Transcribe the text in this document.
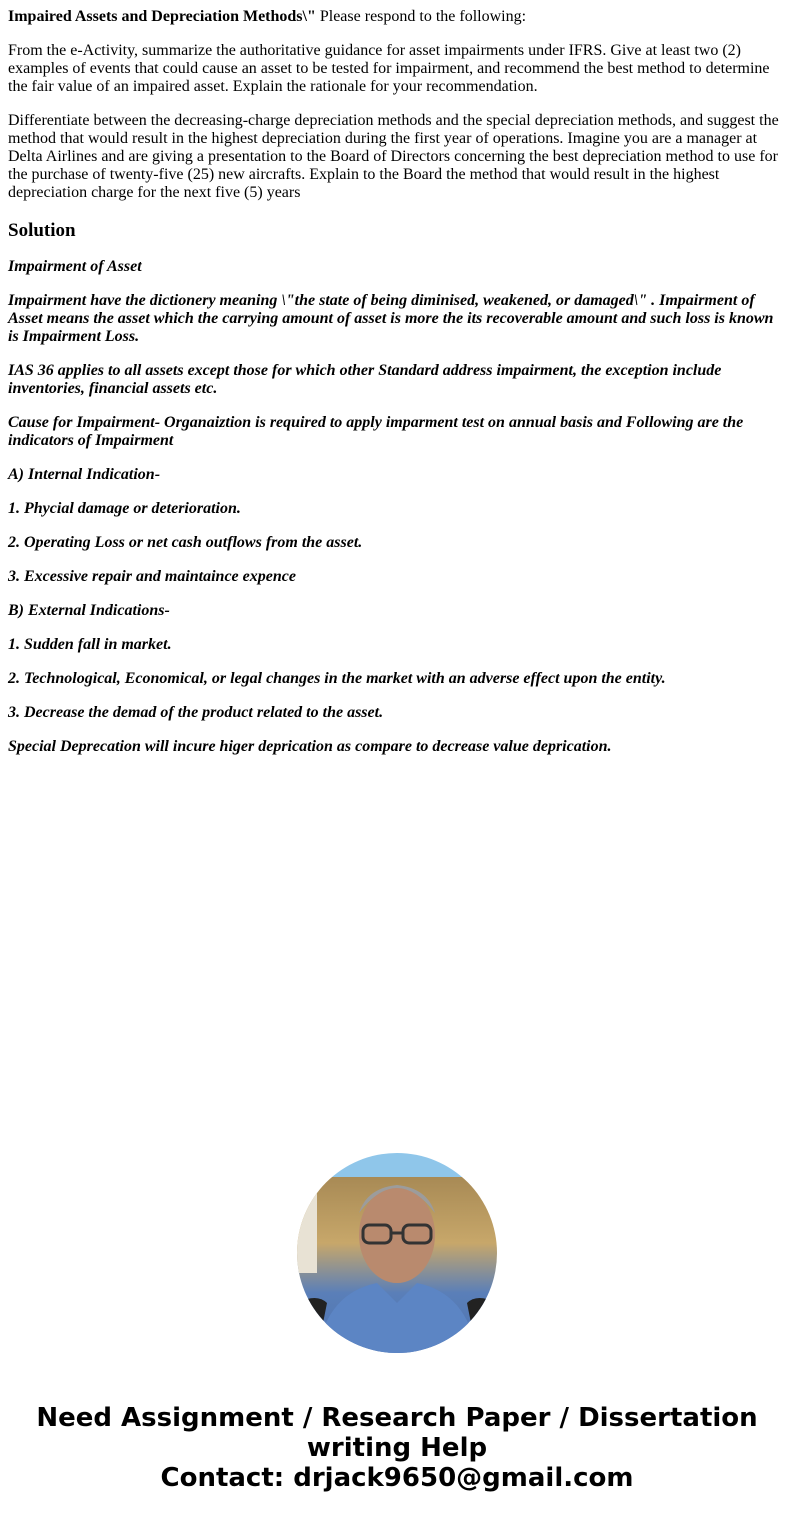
Impaired Assets and Depreciation Methods\" Please respond to the following:

From the e-Activity, summarize the authoritative guidance for asset impairments under IFRS. Give at least two (2) examples of events that could cause an asset to be tested for impairment, and recommend the best method to determine the fair value of an impaired asset. Explain the rationale for your recommendation.

Differentiate between the decreasing-charge depreciation methods and the special depreciation methods, and suggest the method that would result in the highest depreciation during the first year of operations. Imagine you are a manager at Delta Airlines and are giving a presentation to the Board of Directors concerning the best depreciation method to use for the purchase of twenty-five (25) new aircrafts. Explain to the Board the method that would result in the highest depreciation charge for the next five (5) years

Solution

Impairment of Asset

Impairment have the dictionery meaning \"the state of being diminised, weakened, or damaged\" . Impairment of Asset means the asset which the carrying amount of asset is more the its recoverable amount and such loss is known is Impairment Loss.

IAS 36 applies to all assets except those for which other Standard address impairment, the exception include inventories, financial assets etc.

Cause for Impairment- Organaiztion is required to apply imparment test on annual basis and Following are the indicators of Impairment

A) Internal Indication-

1. Phycial damage or deterioration.

2. Operating Loss or net cash outflows from the asset.

3. Excessive repair and maintaince expence

B) External Indications-

1. Sudden fall in market.

2. Technological, Economical, or legal changes in the market with an adverse effect upon the entity.

3. Decrease the demad of the product related to the asset.

Special Deprecation will incure higer deprication as compare to decrease value deprication.

Need Assignment / Research Paper / Dissertation writing Help
Contact: drjack9650@gmail.com
